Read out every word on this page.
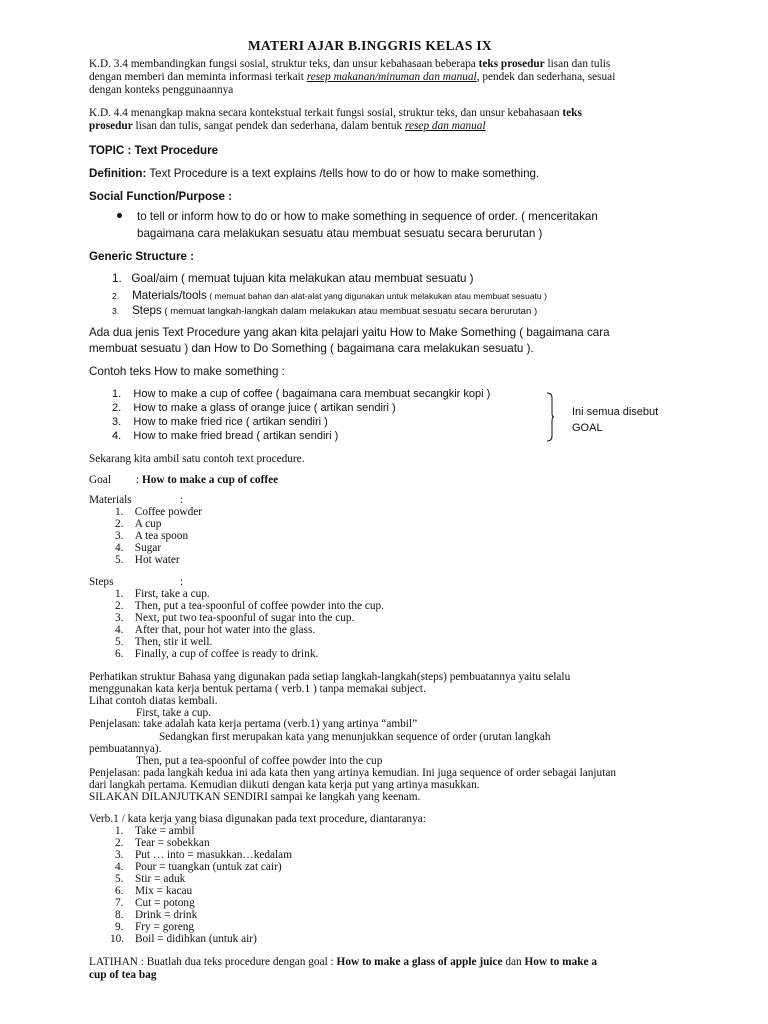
MATERI AJAR B.INGGRIS KELAS IX
K.D. 3.4 membandingkan fungsi sosial, struktur teks, dan unsur kebahasaan beberapa teks prosedur lisan dan tulis
dengan memberi dan meminta informasi terkait resep makanan/minuman dan manual, pendek dan sederhana, sesuai
dengan konteks penggunaannya
K.D. 4.4 menangkap makna secara kontekstual terkait fungsi sosial, struktur teks, dan unsur kebahasaan teks
prosedur lisan dan tulis, sangat pendek dan sederhana, dalam bentuk resep dan manual
TOPIC : Text Procedure
Definition: Text Procedure is a text explains /tells how to do or how to make something.
Social Function/Purpose :
to tell or inform how to do or how to make something in sequence of order. ( menceritakan
bagaimana cara melakukan sesuatu atau membuat sesuatu secara berurutan )
Generic Structure :
1. Goal/aim ( memuat tujuan kita melakukan atau membuat sesuatu )
2. Materials/tools ( memuat bahan dan alat-alat yang digunakan untuk melakukan atau membuat sesuatu )
3. Steps ( memuat langkah-langkah dalam melakukan atau membuat sesuatu secara berurutan )
Ada dua jenis Text Procedure yang akan kita pelajari yaitu How to Make Something ( bagaimana cara
membuat sesuatu ) dan How to Do Something ( bagaimana cara melakukan sesuatu ).
Contoh teks How to make something :
1. How to make a cup of coffee ( bagaimana cara membuat secangkir kopi )
2. How to make a glass of orange juice ( artikan sendiri )
3. How to make fried rice ( artikan sendiri )
4. How to make fried bread ( artikan sendiri )
Ini semua disebut
GOAL
Sekarang kita ambil satu contoh text procedure.
Goal : How to make a cup of coffee
Materials	:
1. Coffee powder
2. A cup
3. A tea spoon
4. Sugar
5. Hot water
Steps	:
1. First, take a cup.
2. Then, put a tea-spoonful of coffee powder into the cup.
3. Next, put two tea-spoonful of sugar into the cup.
4. After that, pour hot water into the glass.
5. Then, stir it well.
6. Finally, a cup of coffee is ready to drink.
Perhatikan struktur Bahasa yang digunakan pada setiap langkah-langkah(steps) pembuatannya yaitu selalu
menggunakan kata kerja bentuk pertama ( verb.1 ) tanpa memakai subject.
Lihat contoh diatas kembali.
First, take a cup.
Penjelasan: take adalah kata kerja pertama (verb.1) yang artinya “ambil”
Sedangkan first merupakan kata yang menunjukkan sequence of order (urutan langkah
pembuatannya).
Then, put a tea-spoonful of coffee powder into the cup
Penjelasan: pada langkah kedua ini ada kata then yang artinya kemudian. Ini juga sequence of order sebagai lanjutan
dari langkah pertama. Kemudian diikuti dengan kata kerja put yang artinya masukkan.
SILAKAN DILANJUTKAN SENDIRI sampai ke langkah yang keenam.
Verb.1 / kata kerja yang biasa digunakan pada text procedure, diantaranya:
1. Take = ambil
2. Tear = sobekkan
3. Put … into = masukkan…kedalam
4. Pour = tuangkan (untuk zat cair)
5. Stir = aduk
6. Mix = kacau
7. Cut = potong
8. Drink = drink
9. Fry = goreng
10. Boil = didihkan (untuk air)
LATIHAN : Buatlah dua teks procedure dengan goal : How to make a glass of apple juice dan How to make a
cup of tea bag
